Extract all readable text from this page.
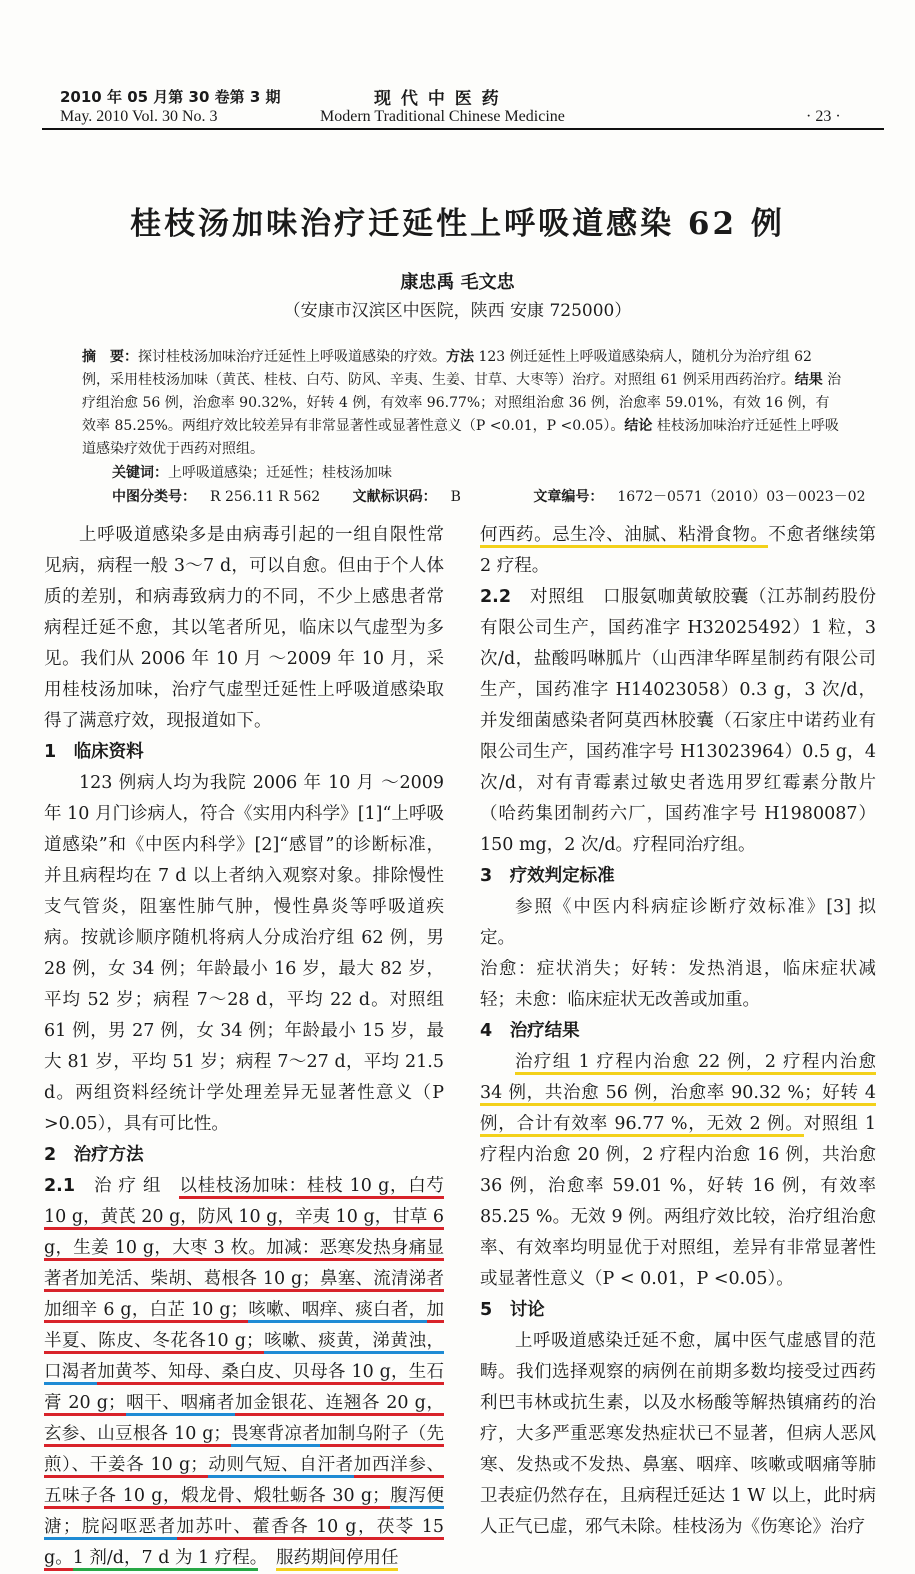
2010 年 05 月第 30 卷第 3 期
May. 2010 Vol. 30 No. 3
现 代 中 医 药
Modern Traditional Chinese Medicine	· 23 ·
桂枝汤加味治疗迁延性上呼吸道感染 62 例
康忠禹 毛文忠
（安康市汉滨区中医院，陕西 安康 725000）
摘　要：探讨桂枝汤加味治疗迁延性上呼吸道感染的疗效。方法 123 例迁延性上呼吸道感染病人，随机分为治疗组 62 例，采用桂枝汤加味（黄芪、桂枝、白芍、防风、辛夷、生姜、甘草、大枣等）治疗。对照组 61 例采用西药治疗。结果 治疗组治愈 56 例，治愈率 90.32%，好转 4 例，有效率 96.77%；对照组治愈 36 例，治愈率 59.01%，有效 16 例，有效率 85.25%。两组疗效比较差异有非常显著性或显著性意义（P <0.01，P <0.05）。结论 桂枝汤加味治疗迁延性上呼吸道感染疗效优于西药对照组。
关键词：上呼吸道感染；迁延性；桂枝汤加味
中图分类号： R 256.11 R 562 文献标识码： B	文章编号： 1672－0571（2010）03－0023－02

上呼吸道感染多是由病毒引起的一组自限性常见病，病程一般 3～7 d，可以自愈。但由于个人体质的差别，和病毒致病力的不同，不少上感患者常病程迁延不愈，其以笔者所见，临床以气虚型为多见。我们从 2006 年 10 月 ～2009 年 10 月，采用桂枝汤加味，治疗气虚型迁延性上呼吸道感染取得了满意疗效，现报道如下。

1　 临床资料

123 例病人均为我院 2006 年 10 月 ～2009 年 10 月门诊病人，符合《实用内科学》[1]“上呼吸道感染”和《中医内科学》[2]“感冒”的诊断标准，并且病程均在 7 d 以上者纳入观察对象。排除慢性支气管炎，阻塞性肺气肿，慢性鼻炎等呼吸道疾病。按就诊顺序随机将病人分成治疗组 62 例，男 28 例，女 34 例；年龄最小 16 岁，最大 82 岁，平均 52 岁；病程 7～28 d，平均 22 d。对照组 61 例，男 27 例，女 34 例；年龄最小 15 岁，最大 81 岁，平均 51 岁；病程 7～27 d，平均 21.5 d。两组资料经统计学处理差异无显著性意义（P >0.05），具有可比性。

2　 治疗方法

2.1　 治 疗 组　 以桂枝汤加味：桂枝 10 g，白芍 10 g，黄芪 20 g，防风 10 g，辛夷 10 g，甘草 6 g，生姜 10 g，大枣 3 枚。加减：恶寒发热身痛显著者加羌活、柴胡、葛根各 10 g；鼻塞、流清涕者加细辛 6 g，白芷 10 g；咳嗽、咽痒、痰白者，加半夏、陈皮、冬花各10 g；咳嗽、痰黄，涕黄浊，口渴者加黄芩、知母、桑白皮、贝母各 10 g，生石膏 20 g；咽干、咽痛者加金银花、连翘各 20 g，玄参、山豆根各 10 g；畏寒背凉者加制乌附子（先煎）、干姜各 10 g；动则气短、自汗者加西洋参、五味子各 10 g，煅龙骨、煅牡蛎各 30 g；腹泻便溏；脘闷呕恶者加苏叶、藿香各 10 g，茯苓 15 g。1 剂/d，7 d 为 1 疗程。　 服药期间停用任

何西药。忌生冷、油腻、粘滑食物。不愈者继续第 2 疗程。

2.2　 对照组　 口服氨咖黄敏胶囊（江苏制药股份有限公司生产，国药准字 H32025492）1 粒，3 次/d，盐酸吗啉胍片（山西津华晖星制药有限公司生产，国药准字 H14023058）0.3 g，3 次/d，并发细菌感染者阿莫西林胶囊（石家庄中诺药业有限公司生产，国药准字号 H13023964）0.5 g，4 次/d，对有青霉素过敏史者选用罗红霉素分散片（哈药集团制药六厂，国药准字号 H1980087）150 mg，2 次/d。疗程同治疗组。

3　 疗效判定标准

参照《中医内科病症诊断疗效标准》[3] 拟定。

治愈：症状消失；好转：发热消退，临床症状减轻；未愈：临床症状无改善或加重。

4　 治疗结果

治疗组 1 疗程内治愈 22 例，2 疗程内治愈 34 例，共治愈 56 例，治愈率 90.32 %；好转 4 例，合计有效率 96.77 %，无效 2 例。对照组 1 疗程内治愈 20 例，2 疗程内治愈 16 例，共治愈 36 例，治愈率 59.01 %，好转 16 例，有效率 85.25 %。无效 9 例。两组疗效比较，治疗组治愈率、有效率均明显优于对照组，差异有非常显著性或显著性意义（P < 0.01，P <0.05）。

5　 讨论

上呼吸道感染迁延不愈，属中医气虚感冒的范畴。我们选择观察的病例在前期多数均接受过西药利巴韦林或抗生素，以及水杨酸等解热镇痛药的治疗，大多严重恶寒发热症状已不显著，但病人恶风寒、发热或不发热、鼻塞、咽痒、咳嗽或咽痛等肺卫表症仍然存在，且病程迁延达 1 W 以上，此时病人正气已虚，邪气未除。桂枝汤为《伤寒论》治疗
